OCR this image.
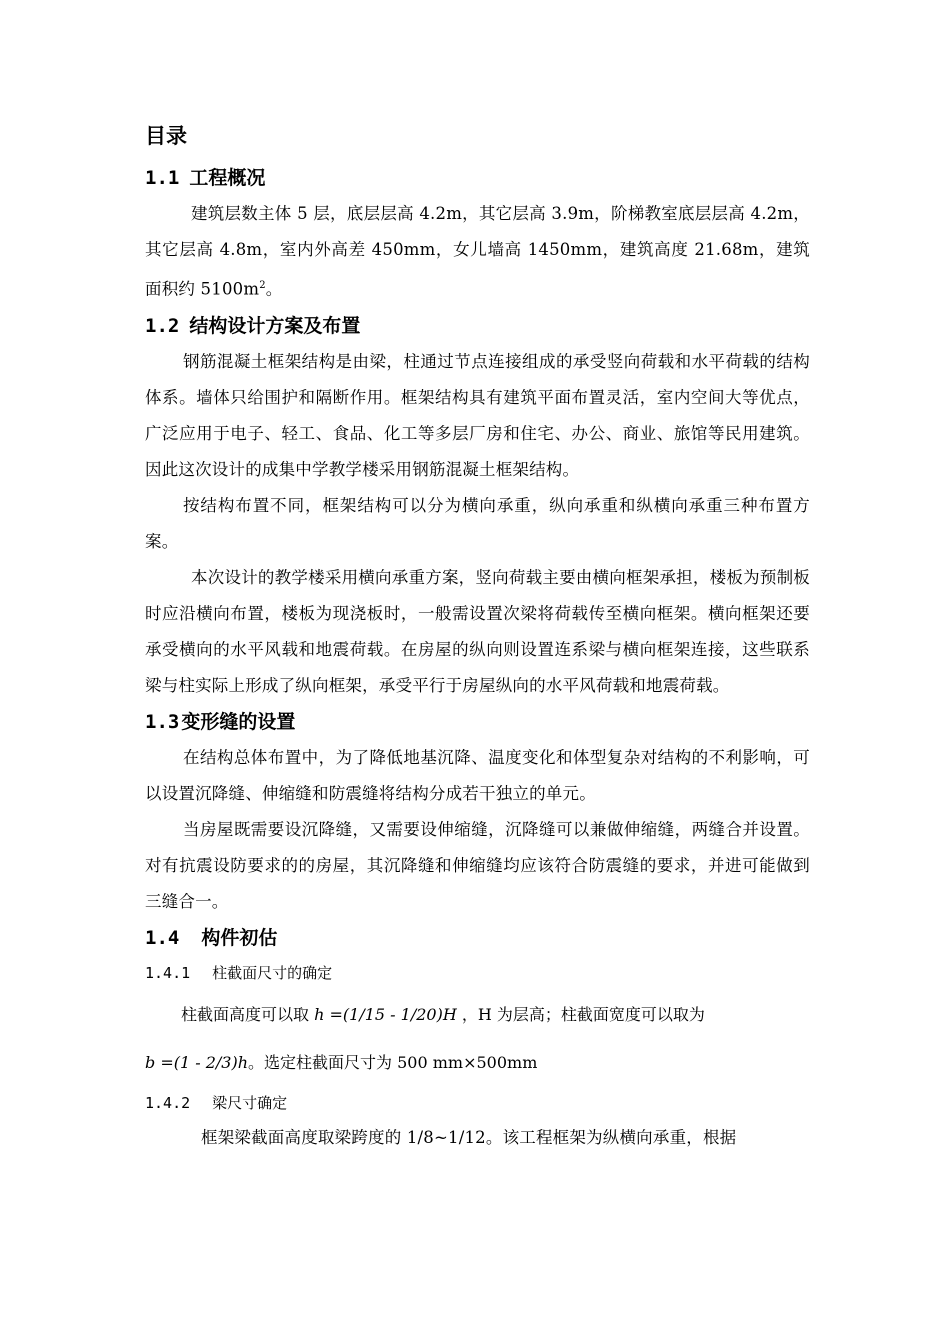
目录
1.1 工程概况

建筑层数主体 5 层，底层层高 4.2m，其它层高 3.9m，阶梯教室底层层高 4.2m，其它层高 4.8m，室内外高差 450mm，女儿墙高 1450mm，建筑高度 21.68m，建筑面积约 $5100m^2$。

1.2 结构设计方案及布置

钢筋混凝土框架结构是由梁，柱通过节点连接组成的承受竖向荷载和水平荷载的结构体系。墙体只给围护和隔断作用。框架结构具有建筑平面布置灵活，室内空间大等优点，广泛应用于电子、轻工、食品、化工等多层厂房和住宅、办公、商业、旅馆等民用建筑。因此这次设计的成集中学教学楼采用钢筋混凝土框架结构。

按结构布置不同，框架结构可以分为横向承重，纵向承重和纵横向承重三种布置方案。

本次设计的教学楼采用横向承重方案，竖向荷载主要由横向框架承担，楼板为预制板时应沿横向布置，楼板为现浇板时，一般需设置次梁将荷载传至横向框架。横向框架还要承受横向的水平风载和地震荷载。在房屋的纵向则设置连系梁与横向框架连接，这些联系梁与柱实际上形成了纵向框架，承受平行于房屋纵向的水平风荷载和地震荷载。

1.3 变形缝的设置

在结构总体布置中，为了降低地基沉降、温度变化和体型复杂对结构的不利影响，可以设置沉降缝、伸缩缝和防震缝将结构分成若干独立的单元。

当房屋既需要设沉降缝，又需要设伸缩缝，沉降缝可以兼做伸缩缝，两缝合并设置。对有抗震设防要求的的房屋，其沉降缝和伸缩缝均应该符合防震缝的要求，并进可能做到三缝合一。

1.4 构件初估
1.4.1 柱截面尺寸的确定

柱截面高度可以取 h =(1/15 - 1/20)H ，H 为层高；柱截面宽度可以取为

b =(1 - 2/3)h。选定柱截面尺寸为 500 mm×500mm

1.4.2 梁尺寸确定

框架梁截面高度取梁跨度的 1/8~1/12。该工程框架为纵横向承重，根据
